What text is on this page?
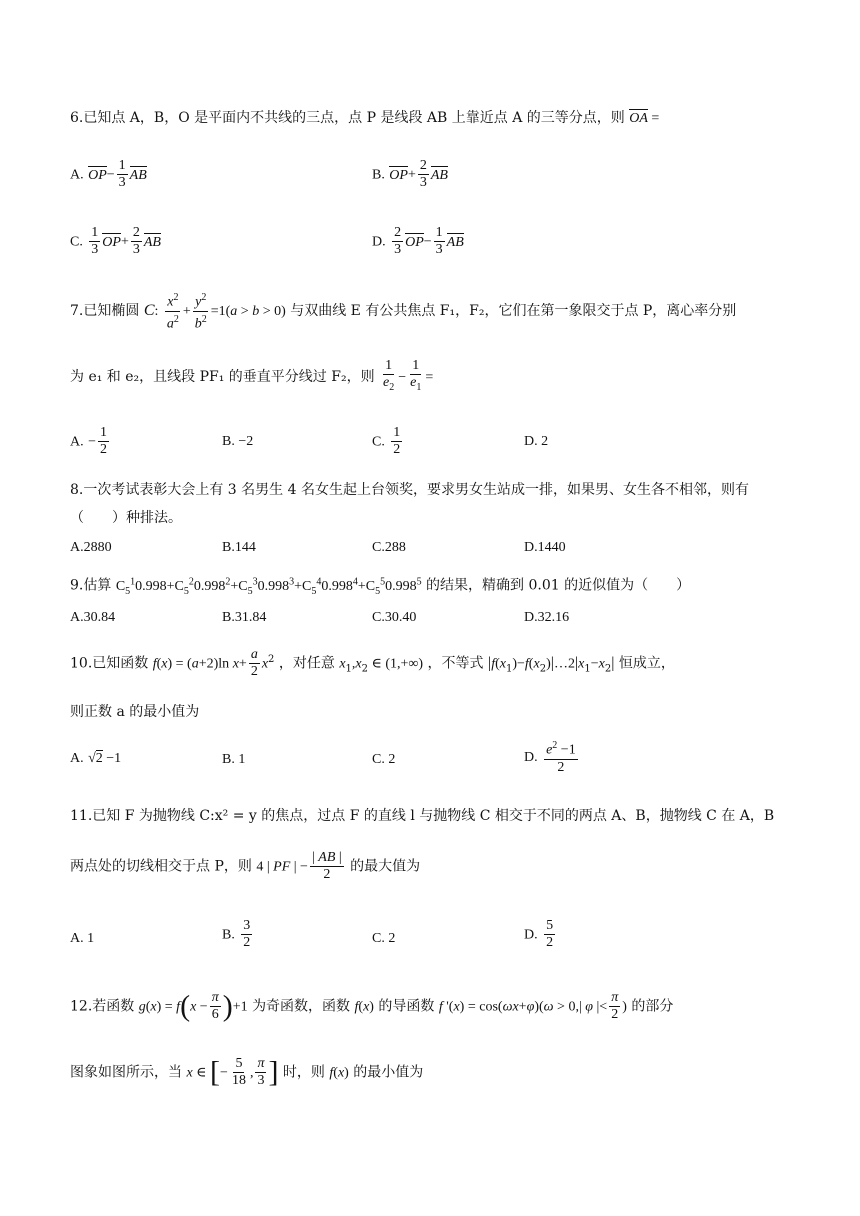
6.已知点 A，B，O 是平面内不共线的三点，点 P 是线段 AB 上靠近点 A 的三等分点，则 OA =
A. $OP- \frac{1}{3}$ AB	B. $OP+ \frac{2}{3}$ AB
C. $\frac{1}{3} OP+ \frac{2}{3}$ AB	D. $\frac{2}{3} OP- \frac{1}{3}$ AB
7.已知椭圆 C: $\frac{x^2}{a^2} + \frac{y^2}{b^2} =1(a > b > 0)$ 与双曲线 E 有公共焦点 F₁，F₂，它们在第一象限交于点 P，离心率分别
为 e₁ 和 e₂，且线段 PF₁ 的垂直平分线过 F₂，则 $\frac{1}{e_2} - \frac{1}{e_1}$ =
A. − $\frac{1}{2}$	B. −2	C. $\frac{1}{2}$	D. 2
8.一次考试表彰大会上有 3 名男生 4 名女生起上台领奖，要求男女生站成一排，如果男、女生各不相邻，则有
（　　）种排法。
A.2880	B.144	C.288	D.1440
9.估算 $C_5^10.998+C_5^20.998^2+C_5^30.998^3+C_5^40.998^4+C_5^50.998^5$ 的结果，精确到 0.01 的近似值为（　　）
A.30.84	B.31.84	C.30.40	D.32.16
10.已知函数 f(x) = (a+2)ln $x+ \frac{a}{2} x^2$ ，对任意 $x_1,x_2$ ∈ (1,+∞) ，不等式 $|f(x_1)-f(x_2)|\dots 2|x_1-x_2|$ 恒成立，
则正数 a 的最小值为
A. √2 −1	B. 1	C. 2	D. $\frac{e^2 -1}{2}$
11.已知 F 为抛物线 C:x² = y 的焦点，过点 F 的直线 l 与抛物线 C 相交于不同的两点 A、B，抛物线 C 在 A，B
两点处的切线相交于点 P，则 4 | PF | − $\frac{| AB |}{2}$ 的最大值为
A. 1	B. $\frac{3}{2}$	C. 2	D. $\frac{5}{2}$
12.若函数 $g(x) = f(x - \frac{\pi}{6} )+1$ 为奇函数，函数 f(x) 的导函数 f '(x) = cos(ωx+φ)(ω > 0,| φ |< $\frac{\pi}{2}$ ) 的部分
图象如图所示，当 x ∈ [− $\frac{5}{18}$ , $\frac{\pi}{3}$ ] 时，则 f(x) 的最小值为
